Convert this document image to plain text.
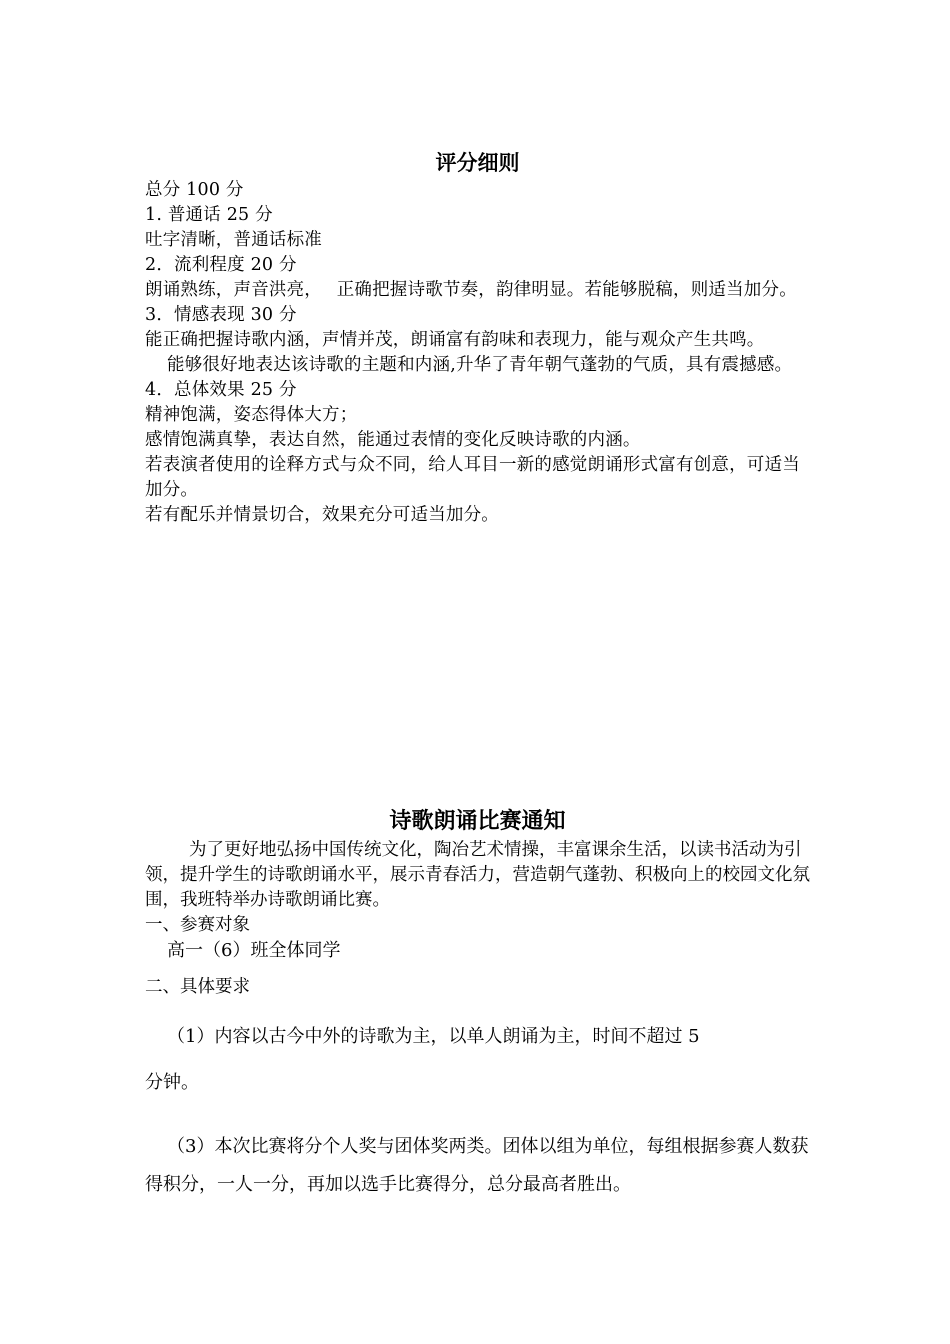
评分细则

总分 100 分

1. 普通话 25 分

吐字清晰，普通话标准

2．流利程度 20 分

朗诵熟练，声音洪亮，　 正确把握诗歌节奏，韵律明显。若能够脱稿，则适当加分。

3．情感表现 30 分

能正确把握诗歌内涵，声情并茂，朗诵富有韵味和表现力，能与观众产生共鸣。

能够很好地表达该诗歌的主题和内涵,升华了青年朝气蓬勃的气质，具有震撼感。

4．总体效果 25 分

精神饱满，姿态得体大方；

感情饱满真挚，表达自然，能通过表情的变化反映诗歌的内涵。

若表演者使用的诠释方式与众不同，给人耳目一新的感觉朗诵形式富有创意，可适当加分。

若有配乐并情景切合，效果充分可适当加分。

诗歌朗诵比赛通知

为了更好地弘扬中国传统文化，陶冶艺术情操，丰富课余生活，以读书活动为引领，提升学生的诗歌朗诵水平，展示青春活力，营造朝气蓬勃、积极向上的校园文化氛围，我班特举办诗歌朗诵比赛。

一、参赛对象

高一（6）班全体同学

二、具体要求

（1）内容以古今中外的诗歌为主，以单人朗诵为主，时间不超过 5

分钟。

（3）本次比赛将分个人奖与团体奖两类。团体以组为单位，每组根据参赛人数获得积分，一人一分，再加以选手比赛得分，总分最高者胜出。
